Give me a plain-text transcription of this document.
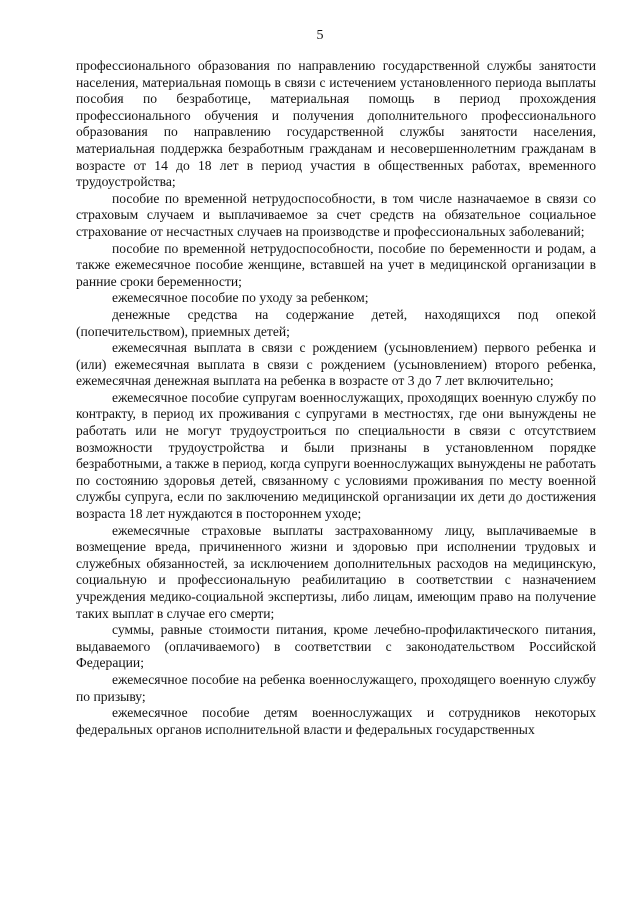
5

профессионального образования по направлению государственной службы занятости населения, материальная помощь в связи с истечением установленного периода выплаты пособия по безработице, материальная помощь в период прохождения профессионального обучения и получения дополнительного профессионального образования по направлению государственной службы занятости населения, материальная поддержка безработным гражданам и несовершеннолетним гражданам в возрасте от 14 до 18 лет в период участия в общественных работах, временного трудоустройства;

пособие по временной нетрудоспособности, в том числе назначаемое в связи со страховым случаем и выплачиваемое за счет средств на обязательное социальное страхование от несчастных случаев на производстве и профессиональных заболеваний;

пособие по временной нетрудоспособности, пособие по беременности и родам, а также ежемесячное пособие женщине, вставшей на учет в медицинской организации в ранние сроки беременности;

ежемесячное пособие по уходу за ребенком;

денежные средства на содержание детей, находящихся под опекой (попечительством), приемных детей;

ежемесячная выплата в связи с рождением (усыновлением) первого ребенка и (или) ежемесячная выплата в связи с рождением (усыновлением) второго ребенка, ежемесячная денежная выплата на ребенка в возрасте от 3 до 7 лет включительно;

ежемесячное пособие супругам военнослужащих, проходящих военную службу по контракту, в период их проживания с супругами в местностях, где они вынуждены не работать или не могут трудоустроиться по специальности в связи с отсутствием возможности трудоустройства и были признаны в установленном порядке безработными, а также в период, когда супруги военнослужащих вынуждены не работать по состоянию здоровья детей, связанному с условиями проживания по месту военной службы супруга, если по заключению медицинской организации их дети до достижения возраста 18 лет нуждаются в постороннем уходе;

ежемесячные страховые выплаты застрахованному лицу, выплачиваемые в возмещение вреда, причиненного жизни и здоровью при исполнении трудовых и служебных обязанностей, за исключением дополнительных расходов на медицинскую, социальную и профессиональную реабилитацию в соответствии с назначением учреждения медико-социальной экспертизы, либо лицам, имеющим право на получение таких выплат в случае его смерти;

суммы, равные стоимости питания, кроме лечебно-профилактического питания, выдаваемого (оплачиваемого) в соответствии с законодательством Российской Федерации;

ежемесячное пособие на ребенка военнослужащего, проходящего военную службу по призыву;

ежемесячное пособие детям военнослужащих и сотрудников некоторых федеральных органов исполнительной власти и федеральных государственных
